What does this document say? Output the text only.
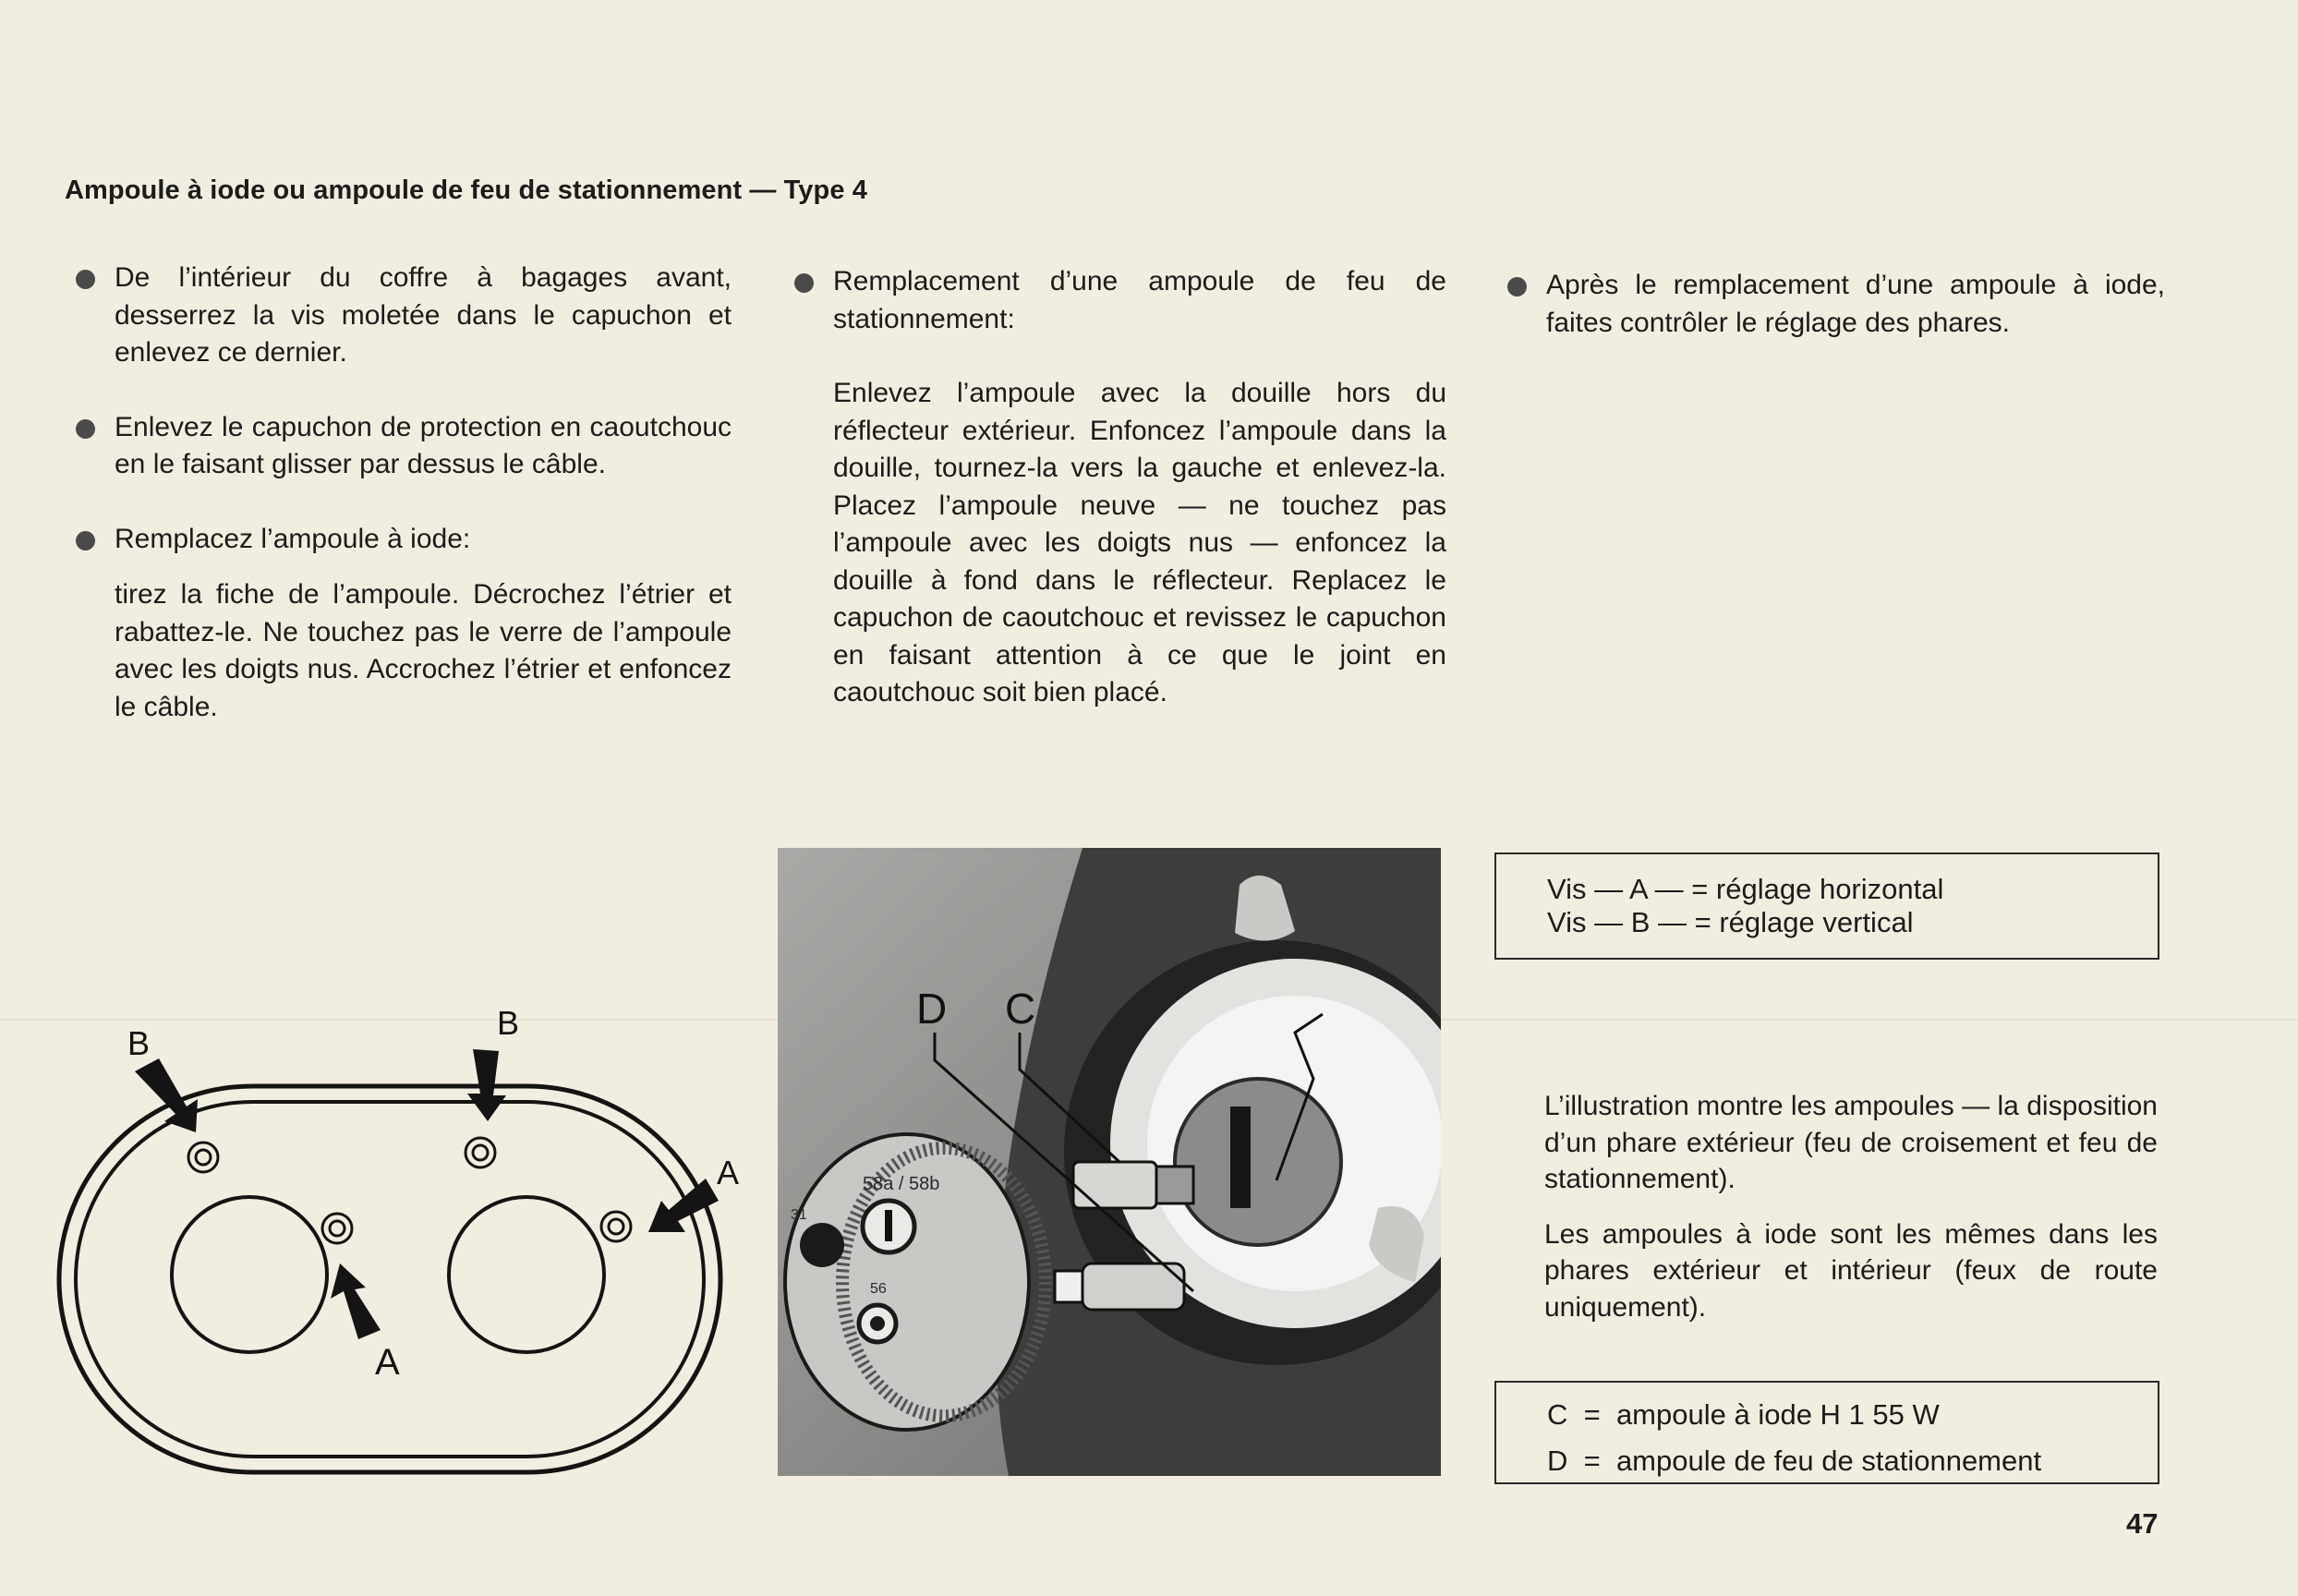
Ampoule à iode ou ampoule de feu de stationnement — Type 4

De l’intérieur du coffre à bagages avant, desserrez la vis moletée dans le capuchon et enlevez ce dernier.

Enlevez le capuchon de protection en caoutchouc en le faisant glisser par dessus le câble.

Remplacez l’ampoule à iode:

tirez la fiche de l’ampoule. Décrochez l’étrier et rabattez-le. Ne touchez pas le verre de l’ampoule avec les doigts nus. Accrochez l’étrier et enfoncez le câble.

Remplacement d’une ampoule de feu de stationnement:

Enlevez l’ampoule avec la douille hors du réflecteur extérieur. Enfoncez l’ampoule dans la douille, tournez-la vers la gauche et enlevez-la. Placez l’ampoule neuve — ne touchez pas l’ampoule avec les doigts nus — enfoncez la douille à fond dans le réflecteur. Replacez le capuchon de caoutchouc et revissez le capuchon en faisant attention à ce que le joint en caoutchouc soit bien placé.

Après le remplacement d’une ampoule à iode, faites contrôler le réglage des phares.

Vis — A — = réglage horizontal
Vis — B — = réglage vertical

L’illustration montre les ampoules — la disposition d’un phare extérieur (feu de croisement et feu de stationnement).

Les ampoules à iode sont les mêmes dans les phares extérieur et intérieur (feux de route uniquement).

C  =  ampoule à iode H 1 55 W
D  =  ampoule de feu de stationnement
B
B
A
A
58a / 58b
31
56
D C
47
